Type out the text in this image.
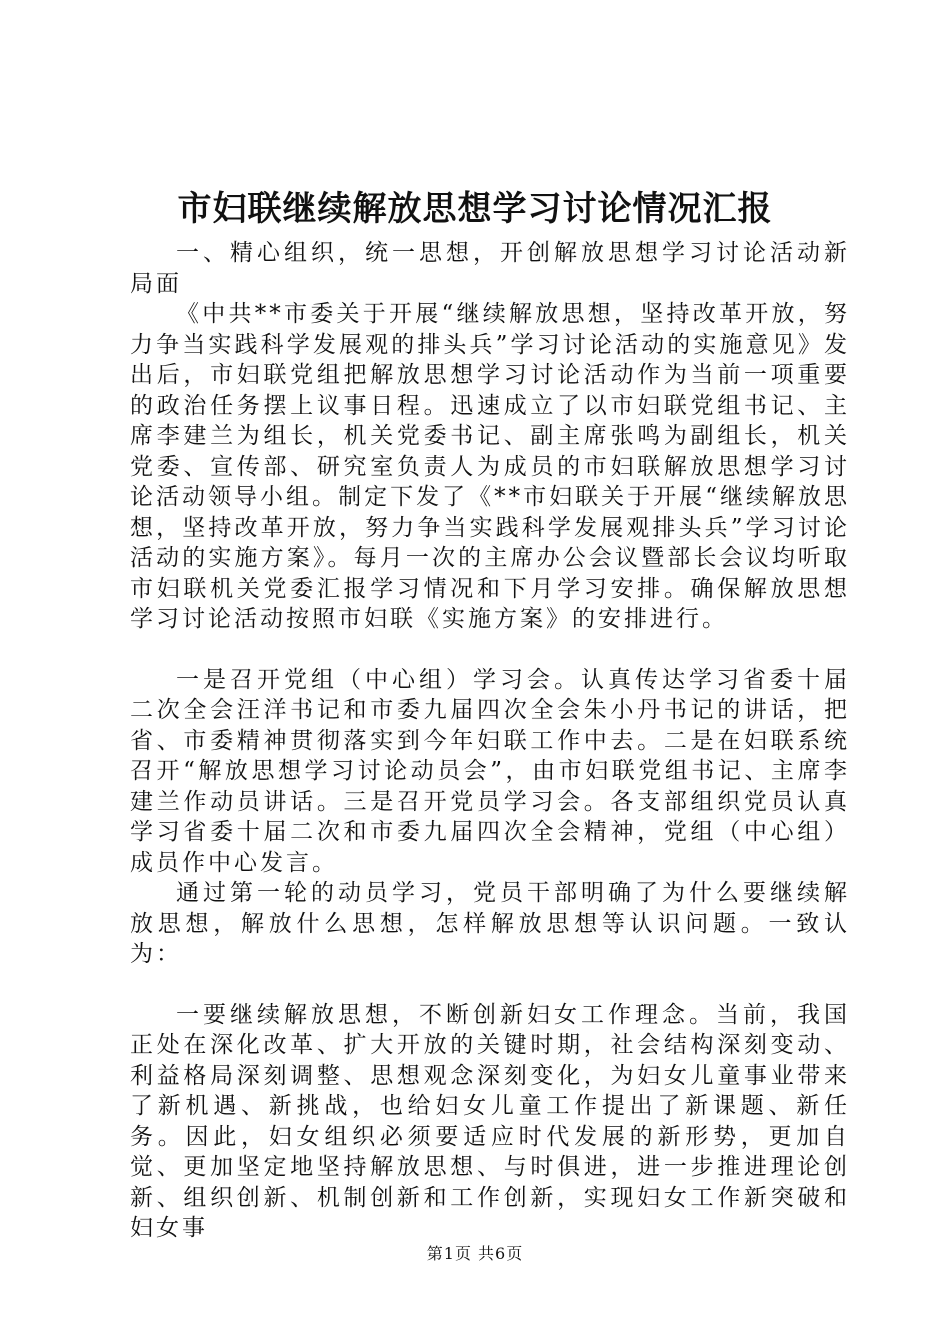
市妇联继续解放思想学习讨论情况汇报

一、精心组织，统一思想，开创解放思想学习讨论活动新局面

《中共**市委关于开展“继续解放思想，坚持改革开放，努力争当实践科学发展观的排头兵”学习讨论活动的实施意见》发出后，市妇联党组把解放思想学习讨论活动作为当前一项重要的政治任务摆上议事日程。迅速成立了以市妇联党组书记、主席李建兰为组长，机关党委书记、副主席张鸣为副组长，机关党委、宣传部、研究室负责人为成员的市妇联解放思想学习讨论活动领导小组。制定下发了《**市妇联关于开展“继续解放思想，坚持改革开放，努力争当实践科学发展观排头兵”学习讨论活动的实施方案》。每月一次的主席办公会议暨部长会议均听取市妇联机关党委汇报学习情况和下月学习安排。确保解放思想学习讨论活动按照市妇联《实施方案》的安排进行。

一是召开党组（中心组）学习会。认真传达学习省委十届二次全会汪洋书记和市委九届四次全会朱小丹书记的讲话，把省、市委精神贯彻落实到今年妇联工作中去。二是在妇联系统召开“解放思想学习讨论动员会”，由市妇联党组书记、主席李建兰作动员讲话。三是召开党员学习会。各支部组织党员认真学习省委十届二次和市委九届四次全会精神，党组（中心组）成员作中心发言。

通过第一轮的动员学习，党员干部明确了为什么要继续解放思想，解放什么思想，怎样解放思想等认识问题。一致认为：

一要继续解放思想，不断创新妇女工作理念。当前，我国正处在深化改革、扩大开放的关键时期，社会结构深刻变动、利益格局深刻调整、思想观念深刻变化，为妇女儿童事业带来了新机遇、新挑战，也给妇女儿童工作提出了新课题、新任务。因此，妇女组织必须要适应时代发展的新形势，更加自觉、更加坚定地坚持解放思想、与时俱进，进一步推进理论创新、组织创新、机制创新和工作创新，实现妇女工作新突破和妇女事

第1页 共6页
